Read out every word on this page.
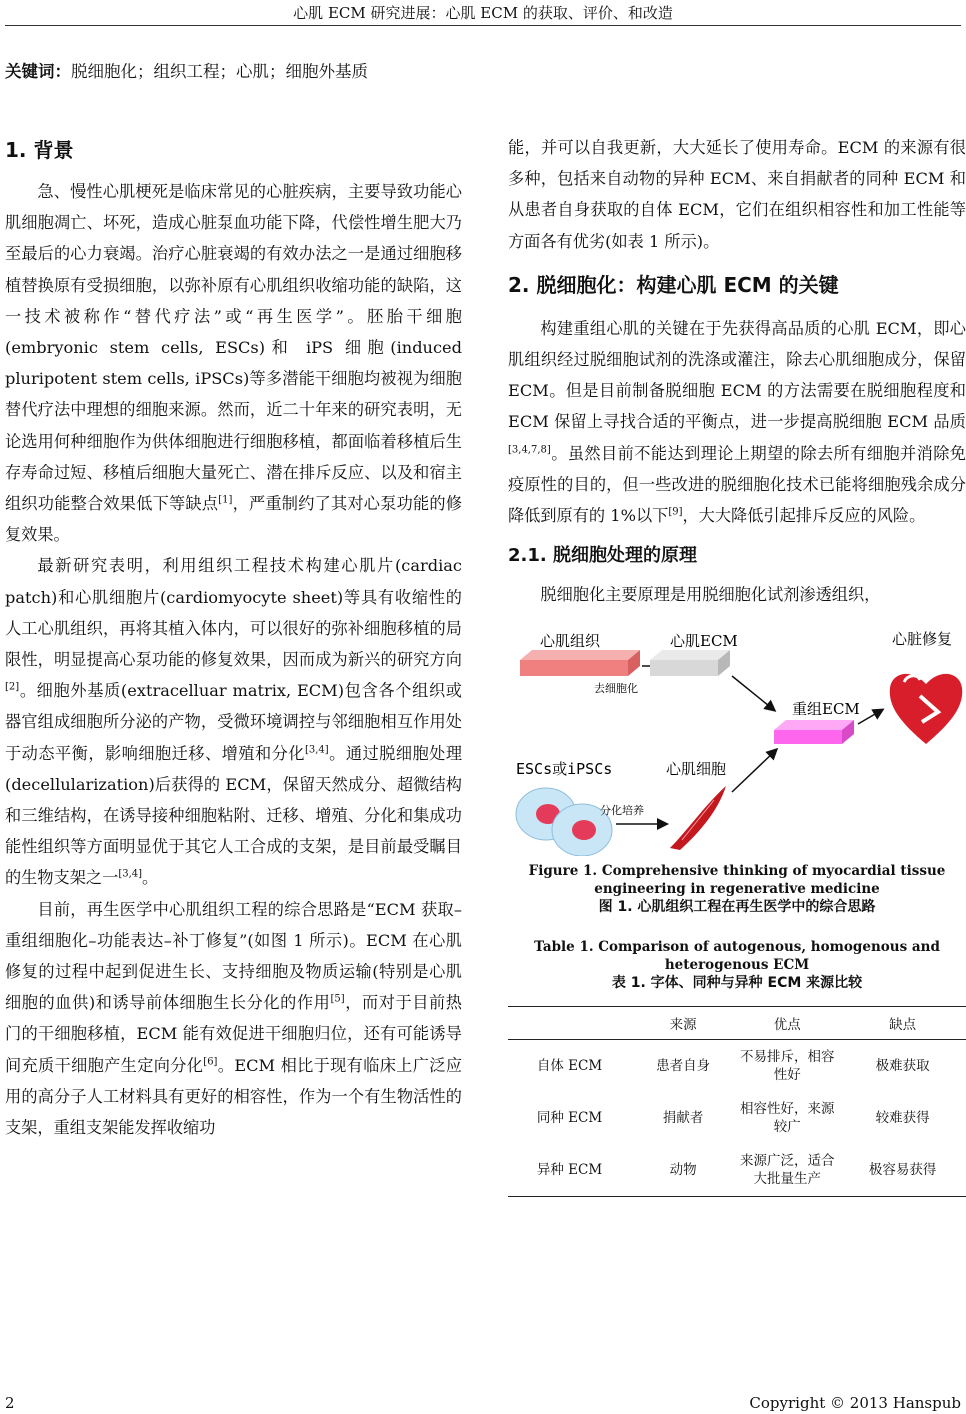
心肌 ECM 研究进展：心肌 ECM 的获取、评价、和改造
关键词：脱细胞化；组织工程；心肌；细胞外基质
1. 背景

急、慢性心肌梗死是临床常见的心脏疾病，主要导致功能心肌细胞凋亡、坏死，造成心脏泵血功能下降，代偿性增生肥大乃至最后的心力衰竭。治疗心脏衰竭的有效办法之一是通过细胞移植替换原有受损细胞，以弥补原有心肌组织收缩功能的缺陷，这一技术被称作“替代疗法”或“再生医学”。胚胎干细胞(embryonic stem cells, ESCs)和 iPS 细胞(induced pluripotent stem cells, iPSCs)等多潜能干细胞均被视为细胞替代疗法中理想的细胞来源。然而，近二十年来的研究表明，无论选用何种细胞作为供体细胞进行细胞移植，都面临着移植后生存寿命过短、移植后细胞大量死亡、潜在排斥反应、以及和宿主组织功能整合效果低下等缺点[1]，严重制约了其对心泵功能的修复效果。

最新研究表明，利用组织工程技术构建心肌片(cardiac patch)和心肌细胞片(cardiomyocyte sheet)等具有收缩性的人工心肌组织，再将其植入体内，可以很好的弥补细胞移植的局限性，明显提高心泵功能的修复效果，因而成为新兴的研究方向[2]。细胞外基质(extracelluar matrix, ECM)包含各个组织或器官组成细胞所分泌的产物，受微环境调控与邻细胞相互作用处于动态平衡，影响细胞迁移、增殖和分化[3,4]。通过脱细胞处理(decellularization)后获得的 ECM，保留天然成分、超微结构和三维结构，在诱导接种细胞粘附、迁移、增殖、分化和集成功能性组织等方面明显优于其它人工合成的支架，是目前最受瞩目的生物支架之一[3,4]。

目前，再生医学中心肌组织工程的综合思路是“ECM 获取–重组细胞化–功能表达–补丁修复”(如图 1 所示)。ECM 在心肌修复的过程中起到促进生长、支持细胞及物质运输(特别是心肌细胞的血供)和诱导前体细胞生长分化的作用[5]，而对于目前热门的干细胞移植，ECM 能有效促进干细胞归位，还有可能诱导间充质干细胞产生定向分化[6]。ECM 相比于现有临床上广泛应用的高分子人工材料具有更好的相容性，作为一个有生物活性的支架，重组支架能发挥收缩功

能，并可以自我更新，大大延长了使用寿命。ECM 的来源有很多种，包括来自动物的异种 ECM、来自捐献者的同种 ECM 和从患者自身获取的自体 ECM，它们在组织相容性和加工性能等方面各有优劣(如表 1 所示)。

2. 脱细胞化：构建心肌 ECM 的关键

构建重组心肌的关键在于先获得高品质的心肌 ECM，即心肌组织经过脱细胞试剂的洗涤或灌注，除去心肌细胞成分，保留 ECM。但是目前制备脱细胞 ECM 的方法需要在脱细胞程度和 ECM 保留上寻找合适的平衡点，进一步提高脱细胞 ECM 品质[3,4,7,8]。虽然目前不能达到理论上期望的除去所有细胞并消除免疫原性的目的，但一些改进的脱细胞化技术已能将细胞残余成分降低到原有的 1%以下[9]，大大降低引起排斥反应的风险。

2.1. 脱细胞处理的原理

脱细胞化主要原理是用脱细胞化试剂渗透组织，

心肌组织
去细胞化
心肌ECM
重组ECM
心脏修复
ESCs或iPSCs
分化培养
心肌细胞
Figure 1. Comprehensive thinking of myocardial tissue engineering in regenerative medicine
图 1. 心肌组织工程在再生医学中的综合思路
Table 1. Comparison of autogenous, homogenous and heterogenous ECM
表 1. 字体、同种与异种 ECM 来源比较
	来源	优点	缺点
自体 ECM	患者自身	不易排斥，相容性好	极难获取
同种 ECM	捐献者	相容性好，来源较广	较难获得
异种 ECM	动物	来源广泛，适合大批量生产	极容易获得
2	Copyright © 2013 Hanspub
